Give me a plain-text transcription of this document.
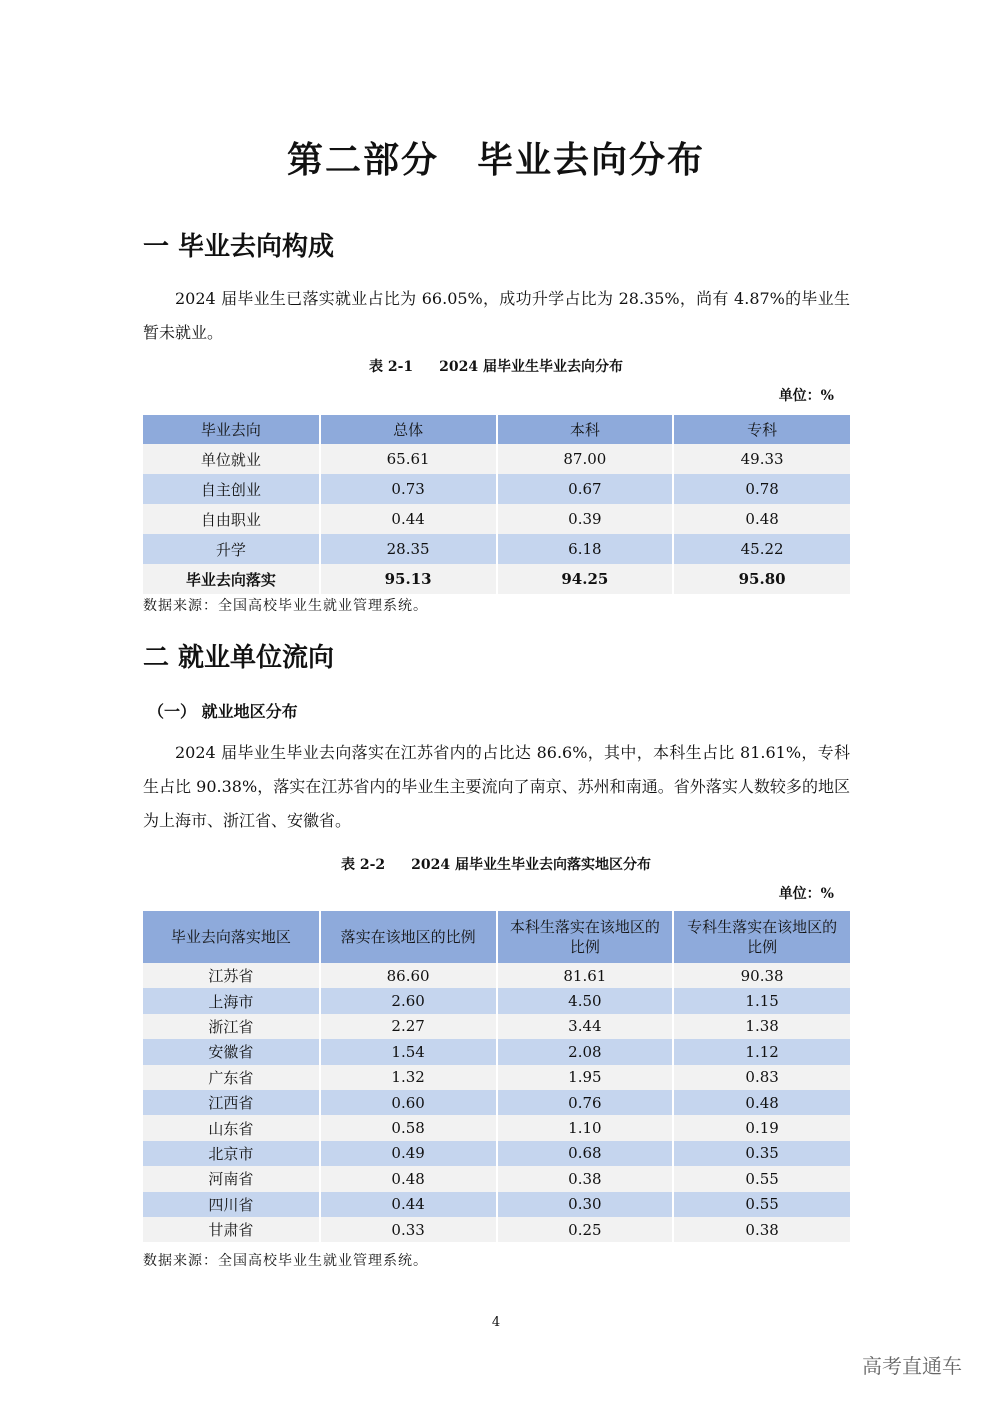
第二部分　毕业去向分布
一 毕业去向构成

2024 届毕业生已落实就业占比为 66.05%，成功升学占比为 28.35%，尚有 4.87%的毕业生暂未就业。

表 2-1 2024 届毕业生毕业去向分布

单位：%

毕业去向	总体	本科	专科
单位就业	65.61	87.00	49.33
自主创业	0.73	0.67	0.78
自由职业	0.44	0.39	0.48
升学	28.35	6.18	45.22
毕业去向落实	95.13	94.25	95.80

数据来源：全国高校毕业生就业管理系统。

二 就业单位流向
（一） 就业地区分布

2024 届毕业生毕业去向落实在江苏省内的占比达 86.6%，其中，本科生占比 81.61%，专科生占比 90.38%，落实在江苏省内的毕业生主要流向了南京、苏州和南通。省外落实人数较多的地区为上海市、浙江省、安徽省。

表 2-2 2024 届毕业生毕业去向落实地区分布

单位：%

毕业去向落实地区	落实在该地区的比例	本科生落实在该地区的比例	专科生落实在该地区的比例
江苏省	86.60	81.61	90.38
上海市	2.60	4.50	1.15
浙江省	2.27	3.44	1.38
安徽省	1.54	2.08	1.12
广东省	1.32	1.95	0.83
江西省	0.60	0.76	0.48
山东省	0.58	1.10	0.19
北京市	0.49	0.68	0.35
河南省	0.48	0.38	0.55
四川省	0.44	0.30	0.55
甘肃省	0.33	0.25	0.38

数据来源：全国高校毕业生就业管理系统。

4

高考直通车
